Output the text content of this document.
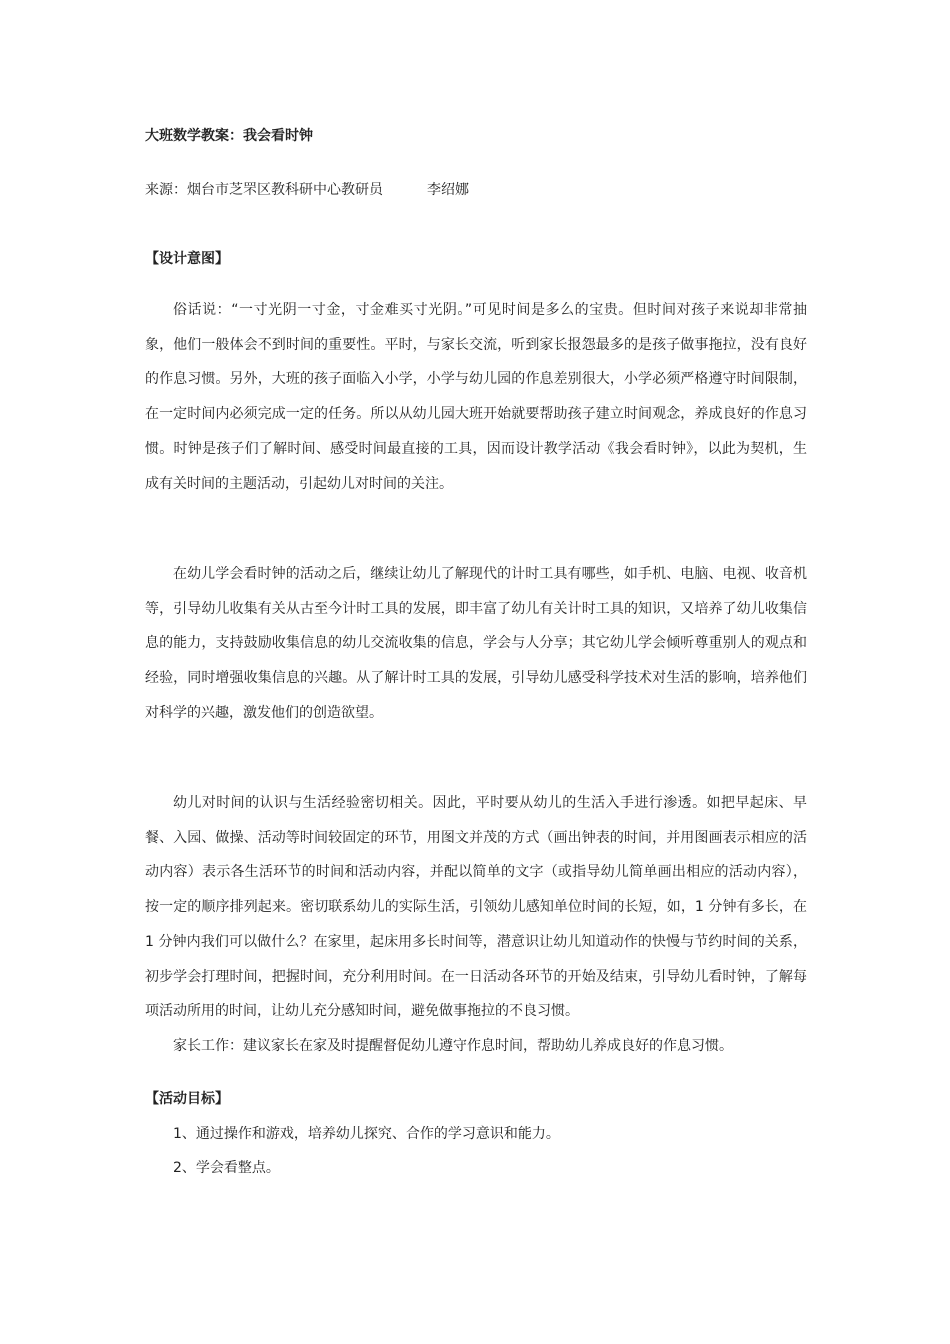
大班数学教案：我会看时钟
来源：烟台市芝罘区教科研中心教研员	李绍娜
【设计意图】

俗话说：“一寸光阴一寸金，寸金难买寸光阴。”可见时间是多么的宝贵。但时间对孩子来说却非常抽象，他们一般体会不到时间的重要性。平时，与家长交流，听到家长报怨最多的是孩子做事拖拉，没有良好的作息习惯。另外，大班的孩子面临入小学，小学与幼儿园的作息差别很大，小学必须严格遵守时间限制，在一定时间内必须完成一定的任务。所以从幼儿园大班开始就要帮助孩子建立时间观念，养成良好的作息习惯。时钟是孩子们了解时间、感受时间最直接的工具，因而设计教学活动《我会看时钟》，以此为契机，生成有关时间的主题活动，引起幼儿对时间的关注。

在幼儿学会看时钟的活动之后，继续让幼儿了解现代的计时工具有哪些，如手机、电脑、电视、收音机等，引导幼儿收集有关从古至今计时工具的发展，即丰富了幼儿有关计时工具的知识，又培养了幼儿收集信息的能力，支持鼓励收集信息的幼儿交流收集的信息，学会与人分享；其它幼儿学会倾听尊重别人的观点和经验，同时增强收集信息的兴趣。从了解计时工具的发展，引导幼儿感受科学技术对生活的影响，培养他们对科学的兴趣，激发他们的创造欲望。

幼儿对时间的认识与生活经验密切相关。因此，平时要从幼儿的生活入手进行渗透。如把早起床、早餐、入园、做操、活动等时间较固定的环节，用图文并茂的方式（画出钟表的时间，并用图画表示相应的活动内容）表示各生活环节的时间和活动内容，并配以简单的文字（或指导幼儿简单画出相应的活动内容），按一定的顺序排列起来。密切联系幼儿的实际生活，引领幼儿感知单位时间的长短，如，1 分钟有多长，在 1 分钟内我们可以做什么？在家里，起床用多长时间等，潜意识让幼儿知道动作的快慢与节约时间的关系，初步学会打理时间，把握时间，充分利用时间。在一日活动各环节的开始及结束，引导幼儿看时钟，了解每项活动所用的时间，让幼儿充分感知时间，避免做事拖拉的不良习惯。

家长工作：建议家长在家及时提醒督促幼儿遵守作息时间，帮助幼儿养成良好的作息习惯。
【活动目标】
1、通过操作和游戏，培养幼儿探究、合作的学习意识和能力。
2、学会看整点。
